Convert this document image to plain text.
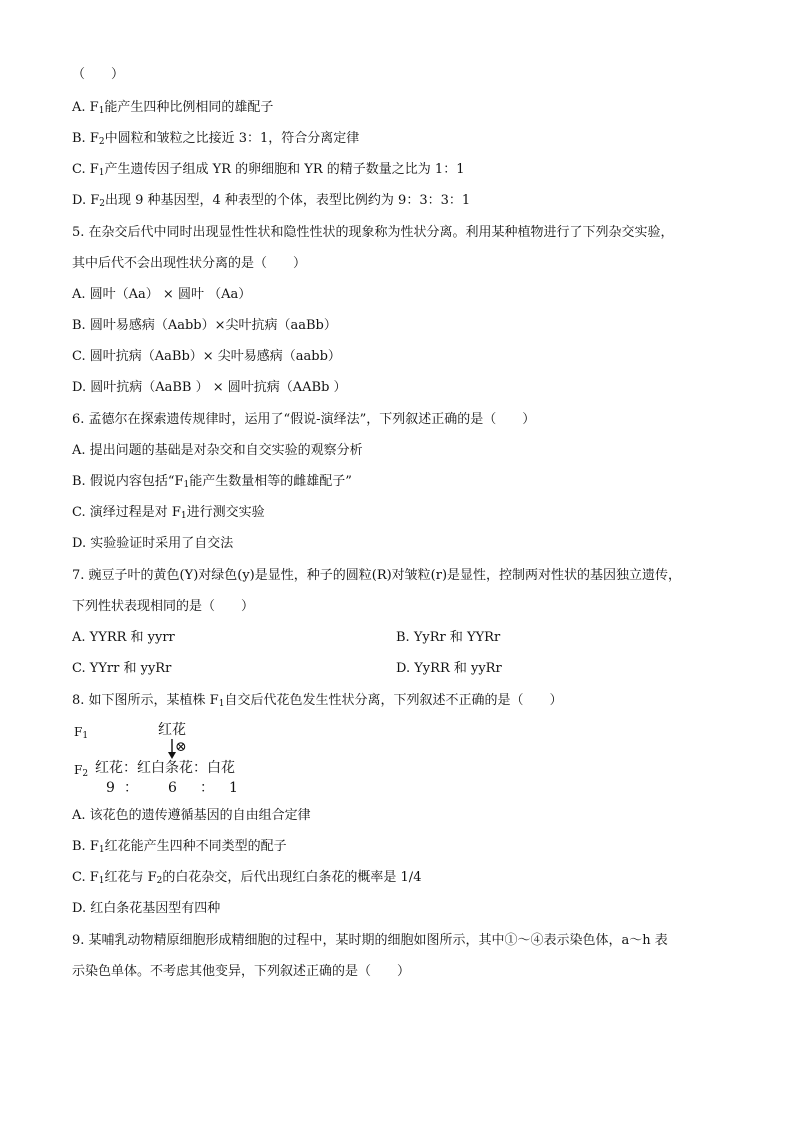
（　　）
A. $F_1$能产生四种比例相同的雄配子
B. $F_2$中圆粒和皱粒之比接近 3：1，符合分离定律
C. $F_1$产生遗传因子组成 YR 的卵细胞和 YR 的精子数量之比为 1：1
D. $F_2$出现 9 种基因型，4 种表型的个体，表型比例约为 9：3：3：1
5. 在杂交后代中同时出现显性性状和隐性性状的现象称为性状分离。利用某种植物进行了下列杂交实验，
其中后代不会出现性状分离的是（　　）
A. 圆叶（Aa） × 圆叶 （Aa）
B. 圆叶易感病（Aabb）×尖叶抗病（aaBb）
C. 圆叶抗病（AaBb）× 尖叶易感病（aabb）
D. 圆叶抗病（AaBB ） × 圆叶抗病（AABb ）
6. 孟德尔在探索遗传规律时，运用了“假说-演绎法”，下列叙述正确的是（　　）
A. 提出问题的基础是对杂交和自交实验的观察分析
B. 假说内容包括“$F_1$能产生数量相等的雌雄配子”
C. 演绎过程是对 $F_1$进行测交实验
D. 实验验证时采用了自交法
7. 豌豆子叶的黄色(Y)对绿色(y)是显性，种子的圆粒(R)对皱粒(r)是显性，控制两对性状的基因独立遗传，
下列性状表现相同的是（　　）
A. YYRR 和 yyrr	B. YyRr 和 YYRr
C. YYrr 和 yyRr	D. YyRR 和 yyRr
8. 如下图所示，某植株 $F_1$自交后代花色发生性状分离，下列叙述不正确的是（　　）
$F_1$	红花
⊗
$F_2$ 红花：红白条花：白花
9 ： 6 ： 1
A. 该花色的遗传遵循基因的自由组合定律
B. $F_1$红花能产生四种不同类型的配子
C. $F_1$红花与 $F_2$的白花杂交，后代出现红白条花的概率是 1/4
D. 红白条花基因型有四种
9. 某哺乳动物精原细胞形成精细胞的过程中，某时期的细胞如图所示，其中①～④表示染色体，a～h 表
示染色单体。不考虑其他变异，下列叙述正确的是（　　）
